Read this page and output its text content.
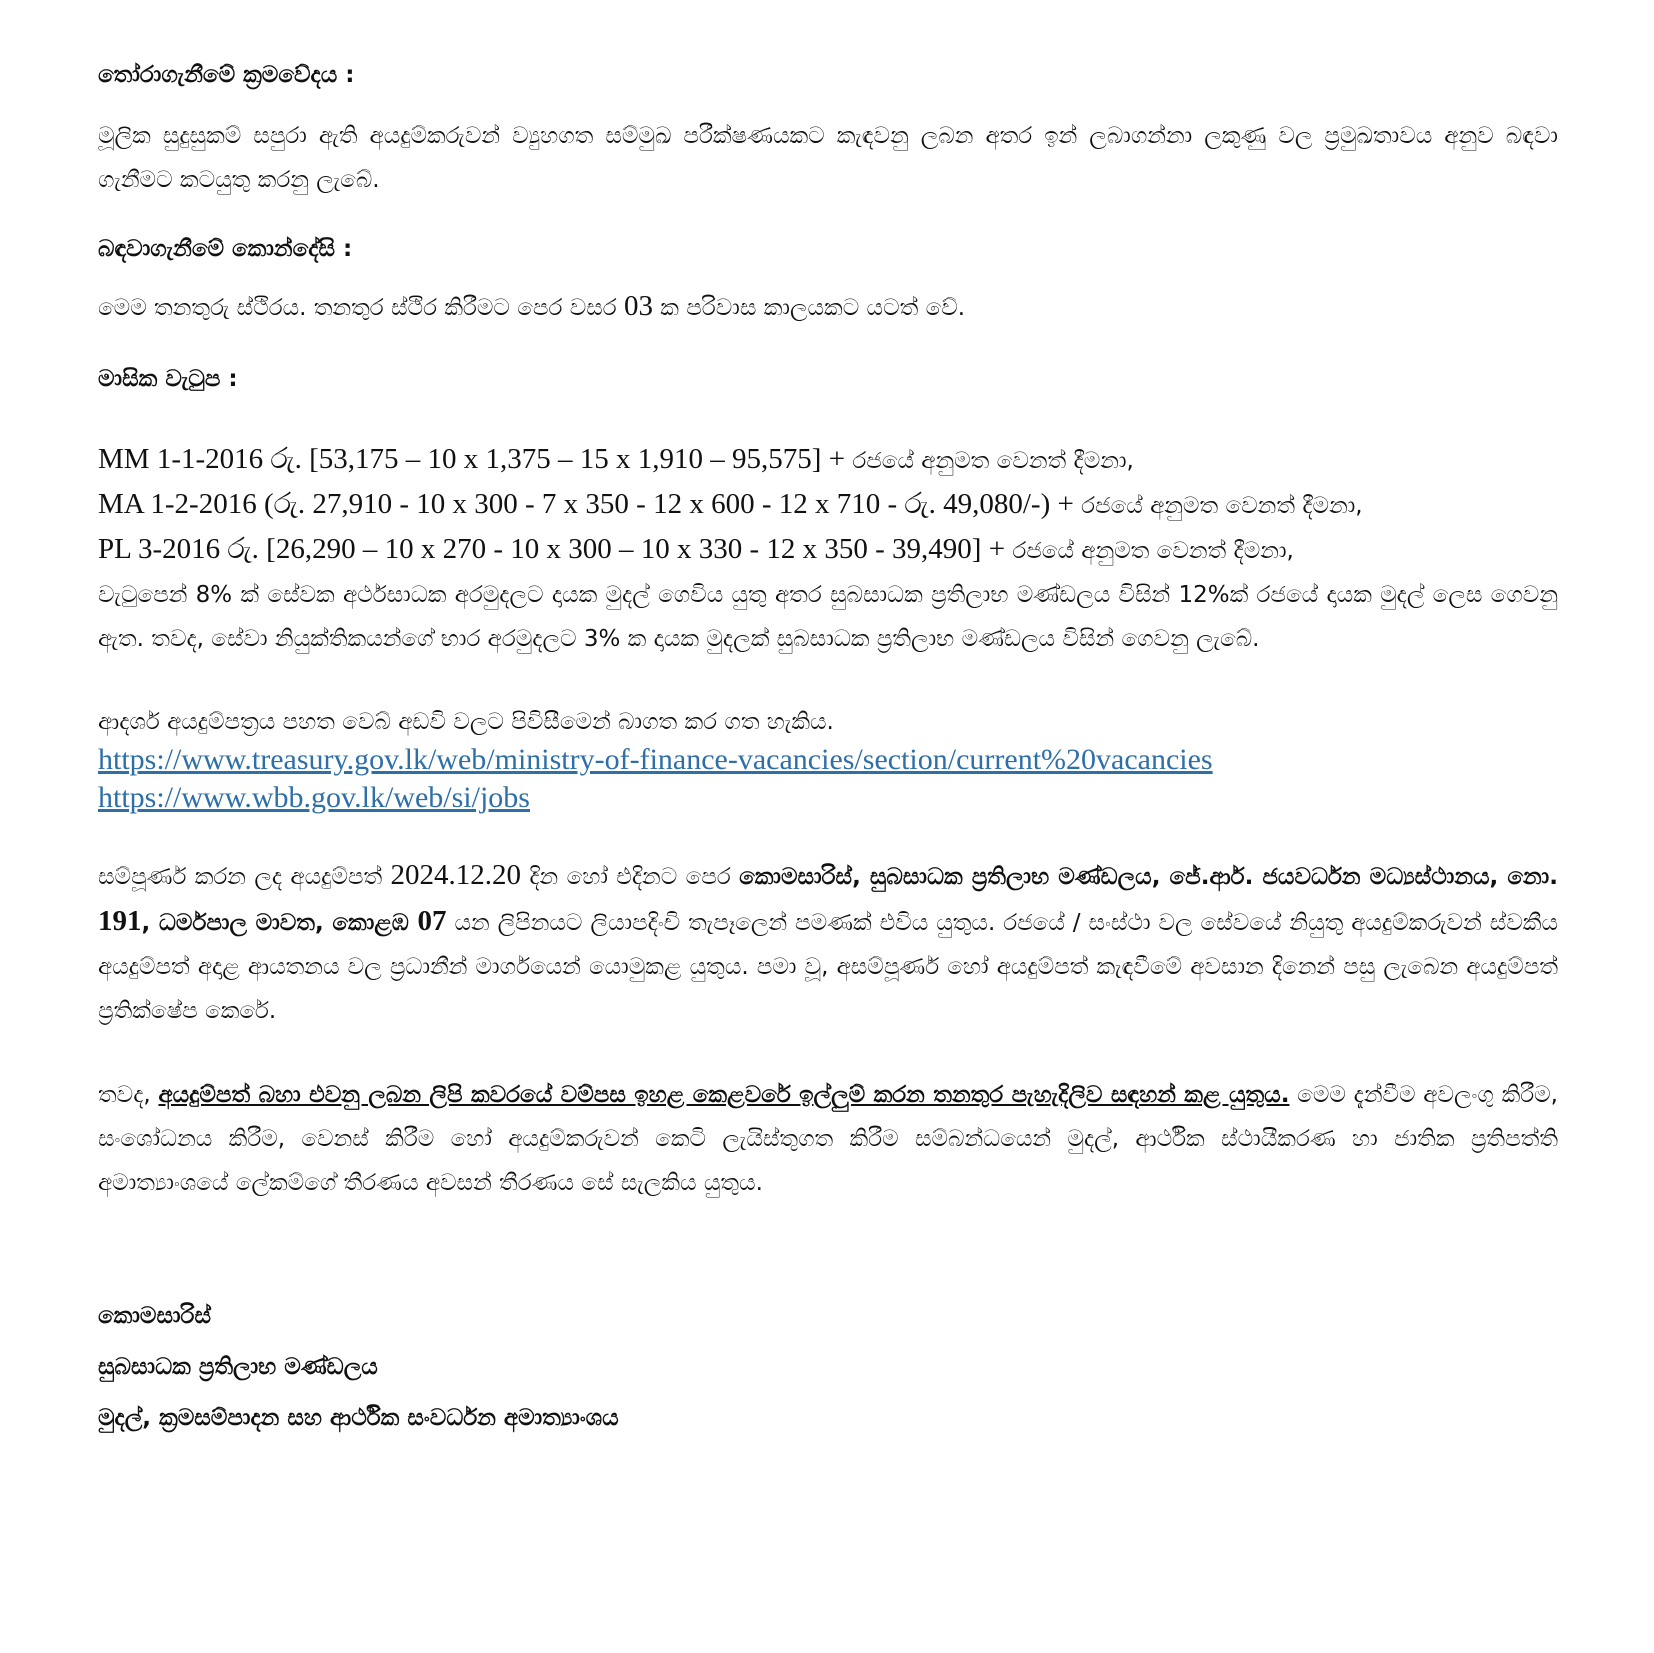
තෝරාගැනීමේ ක්‍රමවේදය :

මූලික සුදුසුකම් සපුරා ඇති අයදුම්කරුවන් ව්‍යුහගත සම්මුඛ පරීක්ෂණයකට කැඳවනු ලබන අතර ඉන් ලබාගන්නා ලකුණු වල ප්‍රමුඛතාවය අනුව බඳවා ගැනීමට කටයුතු කරනු ලැබේ.

බඳවාගැනීමේ කොන්දේසි :

මෙම තනතුරු ස්ථිරය. තනතුර ස්ථිර කිරීමට පෙර වසර 03 ක පරිවාස කාලයකට යටත් වේ.

මාසික වැටුප :

MM 1-1-2016 රු. [53,175 – 10 x 1,375 – 15 x 1,910 – 95,575] + රජයේ අනුමත වෙනත් දීමනා,

MA 1-2-2016 (රු. 27,910 - 10 x 300 - 7 x 350 - 12 x 600 - 12 x 710 - රු. 49,080/-) + රජයේ අනුමත වෙනත් දීමනා,

PL 3-2016 රු. [26,290 – 10 x 270 - 10 x 300 – 10 x 330 - 12 x 350 - 39,490] + රජයේ අනුමත වෙනත් දීමනා,

වැටුපෙන් 8% ක් සේවක අර්ථසාධක අරමුදලට දායක මුදල් ගෙවිය යුතු අතර සුබසාධක ප්‍රතිලාභ මණ්ඩලය විසින් 12%ක් රජයේ දායක මුදල් ලෙස ගෙවනු ඇත. තවද, සේවා නියුක්තිකයන්ගේ භාර අරමුදලට 3% ක දායක මුදලක් සුබසාධක ප්‍රතිලාභ මණ්ඩලය විසින් ගෙවනු ලැබේ.

ආදර්ශ අයදුම්පත්‍රය පහත වෙබ් අඩවි වලට පිවිසීමෙන් බාගත කර ගත හැකිය.

https://www.treasury.gov.lk/web/ministry-of-finance-vacancies/section/current%20vacancies
https://www.wbb.gov.lk/web/si/jobs

සම්පූර්ණ කරන ලද අයදුම්පත් 2024.12.20 දින හෝ එදිනට පෙර කොමසාරිස්, සුබසාධක ප්‍රතිලාභ මණ්ඩලය, ජේ.ආර්. ජයවර්ධන මධ්‍යස්ථානය, නො. 191, ධර්මපාල මාවත, කොළඹ 07 යන ලිපිනයට ලියාපදිංචි තැපෑලෙන් පමණක් එවිය යුතුය. රජයේ / සංස්ථා වල සේවයේ නියුතු අයදුම්කරුවන් ස්වකීය අයදුම්පත් අදාළ ආයතනය වල ප්‍රධානීන් මාර්ගයෙන් යොමුකළ යුතුය. පමා වූ, අසම්පූර්ණ හෝ අයදුම්පත් කැඳවීමේ අවසාන දිනෙන් පසු ලැබෙන අයදුම්පත් ප්‍රතික්ෂේප කෙරේ.

තවද, අයදුම්පත් බහා එවනු ලබන ලිපි කවරයේ වම්පස ඉහළ කෙළවරේ ඉල්ලුම් කරන තනතුර පැහැදිලිව සඳහන් කළ යුතුය. මෙම දැන්වීම අවලංගු කිරීම, සංශෝධනය කිරීම, වෙනස් කිරීම හෝ අයදුම්කරුවන් කෙටි ලැයිස්තුගත කිරීම සම්බන්ධයෙන් මුදල්, ආර්ථික ස්ථායීකරණ හා ජාතික ප්‍රතිපත්ති අමාත්‍යාංශයේ ලේකම්ගේ තීරණය අවසන් තීරණය සේ සැලකිය යුතුය.

කොමසාරිස්

සුබසාධක ප්‍රතිලාභ මණ්ඩලය

මුදල්, ක්‍රමසම්පාදන සහ ආර්ථික සංවර්ධන අමාත්‍යාංශය
